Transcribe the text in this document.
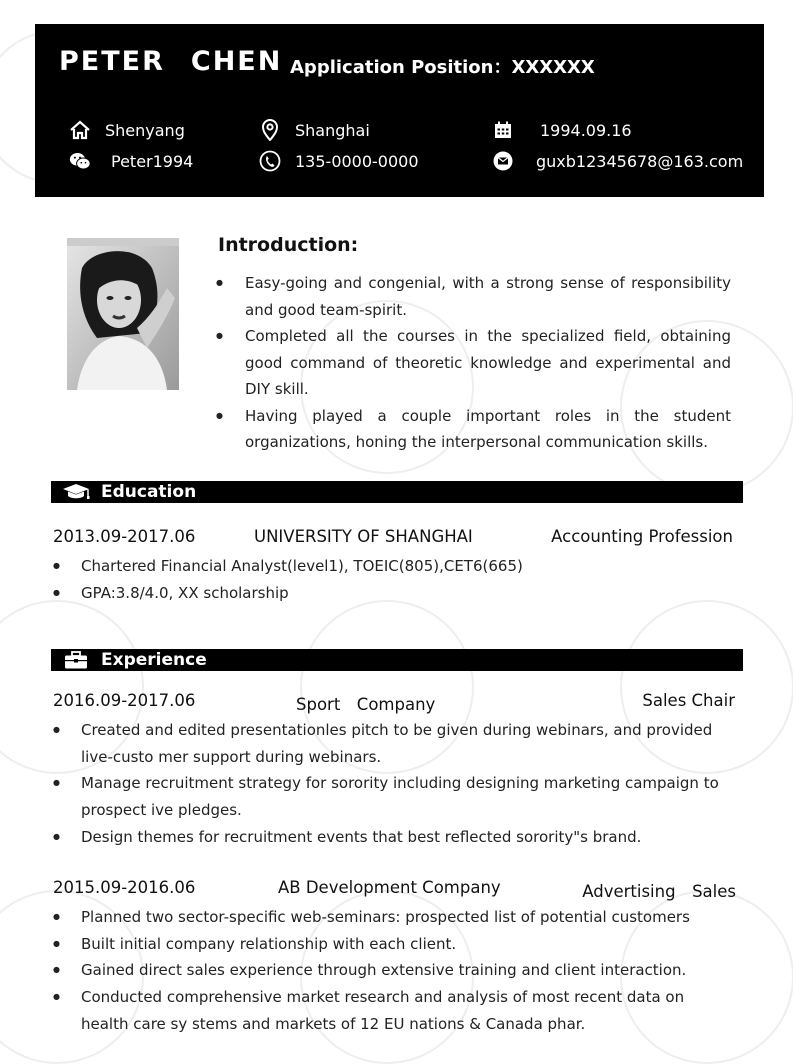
PETER CHEN Application Position：XXXXXX
Shenyang	Shanghai	1994.09.16
Peter1994	135-0000-0000	guxb12345678@163.com
Introduction:
● Easy-going and congenial, with a strong sense of responsibility and good team-spirit.
● Completed all the courses in the specialized field, obtaining good command of theoretic knowledge and experimental and DIY skill.
● Having played a couple important roles in the student organizations, honing the interpersonal communication skills.
Education
2013.09-2017.06	UNIVERSITY OF SHANGHAI	Accounting Profession
● Chartered Financial Analyst(level1), TOEIC(805),CET6(665)
● GPA:3.8/4.0, XX scholarship
Experience
2016.09-2017.06	Sport　Company	Sales Chair
● Created and edited presentationles pitch to be given during webinars, and provided live-custo mer support during webinars.
● Manage recruitment strategy for sorority including designing marketing campaign to prospect ive pledges.
● Design themes for recruitment events that best reflected sorority"s brand.
2015.09-2016.06	AB Development Company	Advertising　Sales
● Planned two sector-specific web-seminars: prospected list of potential customers
● Built initial company relationship with each client.
● Gained direct sales experience through extensive training and client interaction.
● Conducted comprehensive market research and analysis of most recent data on health care sy stems and markets of 12 EU nations & Canada phar.
